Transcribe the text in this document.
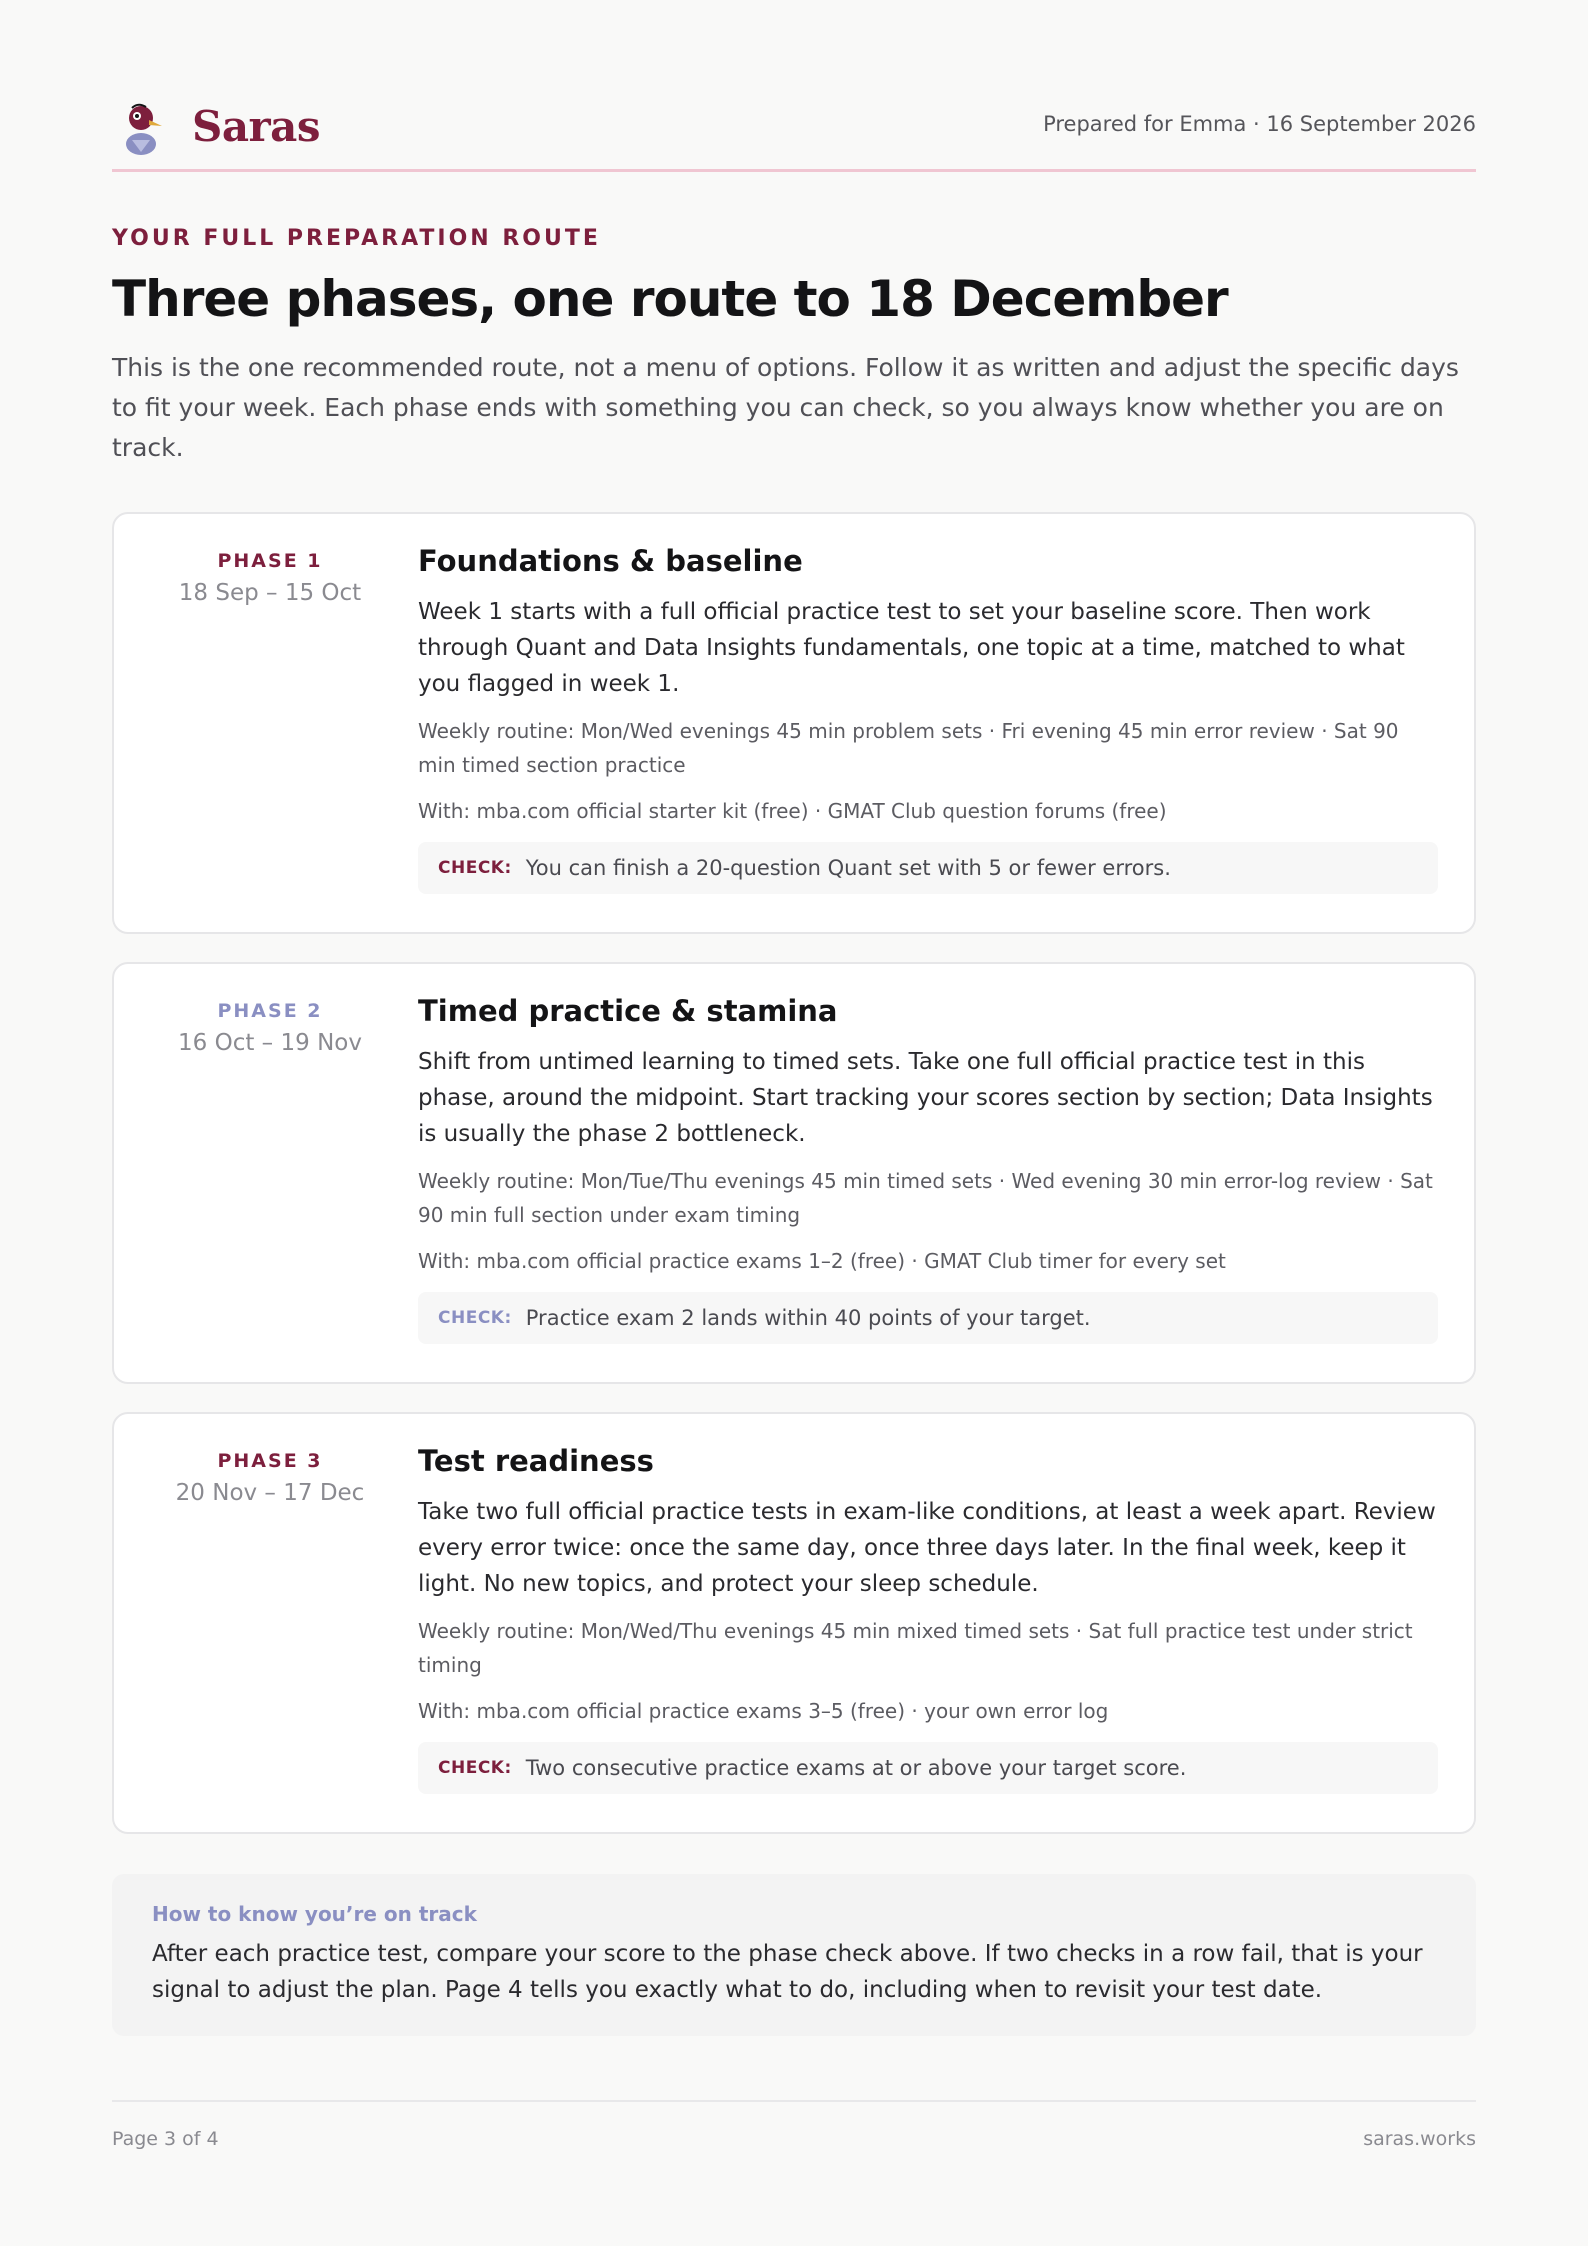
Saras	Prepared for Emma · 16 September 2026
YOUR FULL PREPARATION ROUTE
Three phases, one route to 18 December
This is the one recommended route, not a menu of options. Follow it as written and adjust the specific days to fit your week. Each phase ends with something you can check, so you always know whether you are on track.
PHASE 1
18 Sep – 15 Oct
Foundations & baseline
Week 1 starts with a full official practice test to set your baseline score. Then work through Quant and Data Insights fundamentals, one topic at a time, matched to what you flagged in week 1.
Weekly routine: Mon/Wed evenings 45 min problem sets · Fri evening 45 min error review · Sat 90 min timed section practice
With: mba.com official starter kit (free) · GMAT Club question forums (free)
CHECK: You can finish a 20-question Quant set with 5 or fewer errors.
PHASE 2
16 Oct – 19 Nov
Timed practice & stamina
Shift from untimed learning to timed sets. Take one full official practice test in this phase, around the midpoint. Start tracking your scores section by section; Data Insights is usually the phase 2 bottleneck.
Weekly routine: Mon/Tue/Thu evenings 45 min timed sets · Wed evening 30 min error-log review · Sat 90 min full section under exam timing
With: mba.com official practice exams 1–2 (free) · GMAT Club timer for every set
CHECK: Practice exam 2 lands within 40 points of your target.
PHASE 3
20 Nov – 17 Dec
Test readiness
Take two full official practice tests in exam-like conditions, at least a week apart. Review every error twice: once the same day, once three days later. In the final week, keep it light. No new topics, and protect your sleep schedule.
Weekly routine: Mon/Wed/Thu evenings 45 min mixed timed sets · Sat full practice test under strict timing
With: mba.com official practice exams 3–5 (free) · your own error log
CHECK: Two consecutive practice exams at or above your target score.
How to know you’re on track
After each practice test, compare your score to the phase check above. If two checks in a row fail, that is your signal to adjust the plan. Page 4 tells you exactly what to do, including when to revisit your test date.
Page 3 of 4	saras.works
